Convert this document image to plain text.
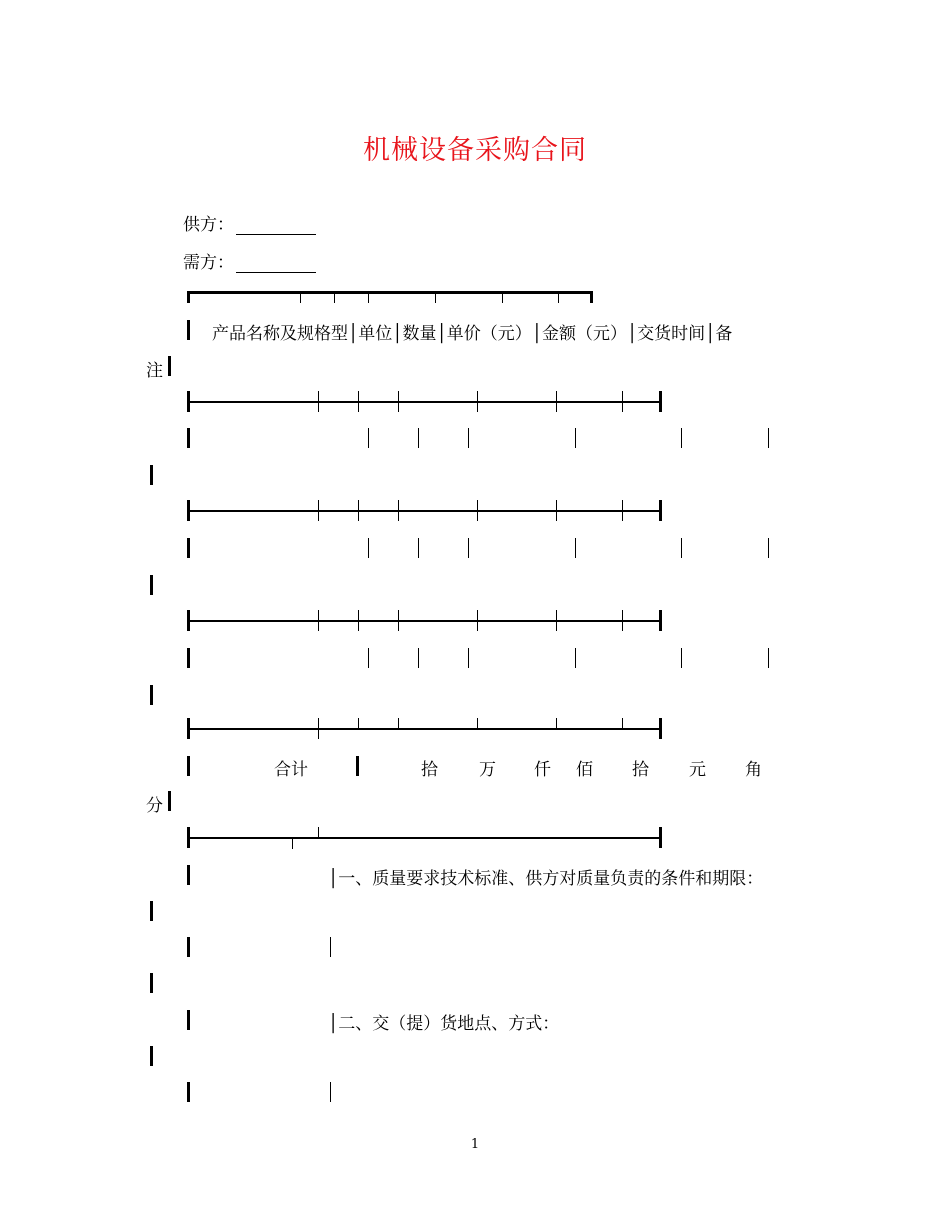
机械设备采购合同
供方：
需方：
产品名称及规格型│单位│数量│单价（元）│金额（元）│交货时间│备
注
合计	拾 万 仟 佰 拾 元 角
分
│一、质量要求技术标准、供方对质量负责的条件和期限：
│二、交（提）货地点、方式：
1
